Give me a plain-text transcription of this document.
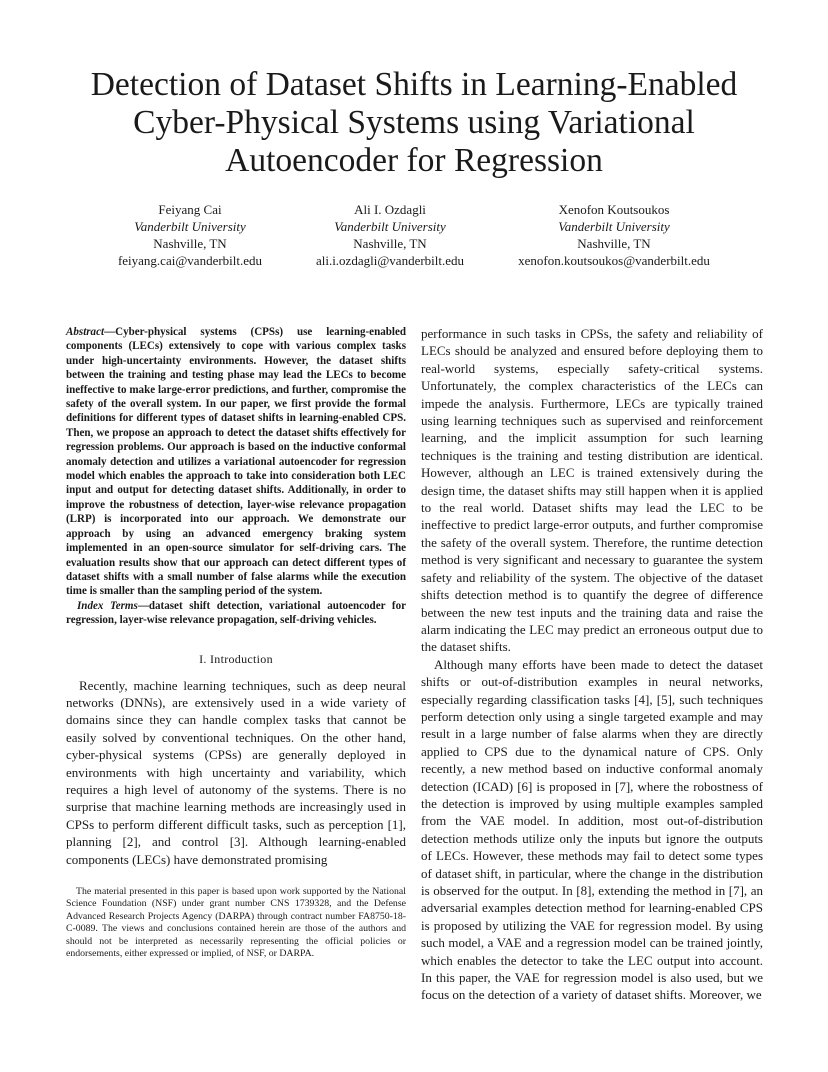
Detection of Dataset Shifts in Learning-Enabled
Cyber-Physical Systems using Variational
Autoencoder for Regression
Feiyang Cai
Vanderbilt University
Nashville, TN
feiyang.cai@vanderbilt.edu
Ali I. Ozdagli
Vanderbilt University
Nashville, TN
ali.i.ozdagli@vanderbilt.edu
Xenofon Koutsoukos
Vanderbilt University
Nashville, TN
xenofon.koutsoukos@vanderbilt.edu

Abstract—Cyber-physical systems (CPSs) use learning-enabled components (LECs) extensively to cope with various complex tasks under high-uncertainty environments. However, the dataset shifts between the training and testing phase may lead the LECs to become ineffective to make large-error predictions, and further, compromise the safety of the overall system. In our paper, we first provide the formal definitions for different types of dataset shifts in learning-enabled CPS. Then, we propose an approach to detect the dataset shifts effectively for regression problems. Our approach is based on the inductive conformal anomaly detection and utilizes a variational autoencoder for regression model which enables the approach to take into consideration both LEC input and output for detecting dataset shifts. Additionally, in order to improve the robustness of detection, layer-wise relevance propagation (LRP) is incorporated into our approach. We demonstrate our approach by using an advanced emergency braking system implemented in an open-source simulator for self-driving cars. The evaluation results show that our approach can detect different types of dataset shifts with a small number of false alarms while the execution time is smaller than the sampling period of the system.

Index Terms—dataset shift detection, variational autoencoder for regression, layer-wise relevance propagation, self-driving vehicles.

I. Introduction

Recently, machine learning techniques, such as deep neural networks (DNNs), are extensively used in a wide variety of domains since they can handle complex tasks that cannot be easily solved by conventional techniques. On the other hand, cyber-physical systems (CPSs) are generally deployed in environments with high uncertainty and variability, which requires a high level of autonomy of the systems. There is no surprise that machine learning methods are increasingly used in CPSs to perform different difficult tasks, such as perception [1], planning [2], and control [3]. Although learning-enabled components (LECs) have demonstrated promising

The material presented in this paper is based upon work supported by the National Science Foundation (NSF) under grant number CNS 1739328, and the Defense Advanced Research Projects Agency (DARPA) through contract number FA8750-18-C-0089. The views and conclusions contained herein are those of the authors and should not be interpreted as necessarily representing the official policies or endorsements, either expressed or implied, of NSF, or DARPA.

performance in such tasks in CPSs, the safety and reliability of LECs should be analyzed and ensured before deploying them to real-world systems, especially safety-critical systems. Unfortunately, the complex characteristics of the LECs can impede the analysis. Furthermore, LECs are typically trained using learning techniques such as supervised and reinforcement learning, and the implicit assumption for such learning techniques is the training and testing distribution are identical. However, although an LEC is trained extensively during the design time, the dataset shifts may still happen when it is applied to the real world. Dataset shifts may lead the LEC to be ineffective to predict large-error outputs, and further compromise the safety of the overall system. Therefore, the runtime detection method is very significant and necessary to guarantee the system safety and reliability of the system. The objective of the dataset shifts detection method is to quantify the degree of difference between the new test inputs and the training data and raise the alarm indicating the LEC may predict an erroneous output due to the dataset shifts.

Although many efforts have been made to detect the dataset shifts or out-of-distribution examples in neural networks, especially regarding classification tasks [4], [5], such techniques perform detection only using a single targeted example and may result in a large number of false alarms when they are directly applied to CPS due to the dynamical nature of CPS. Only recently, a new method based on inductive conformal anomaly detection (ICAD) [6] is proposed in [7], where the robostness of the detection is improved by using multiple examples sampled from the VAE model. In addition, most out-of-distribution detection methods utilize only the inputs but ignore the outputs of LECs. However, these methods may fail to detect some types of dataset shift, in particular, where the change in the distribution is observed for the output. In [8], extending the method in [7], an adversarial examples detection method for learning-enabled CPS is proposed by utilizing the VAE for regression model. By using such model, a VAE and a regression model can be trained jointly, which enables the detector to take the LEC output into account. In this paper, the VAE for regression model is also used, but we focus on the detection of a variety of dataset shifts. Moreover, we
